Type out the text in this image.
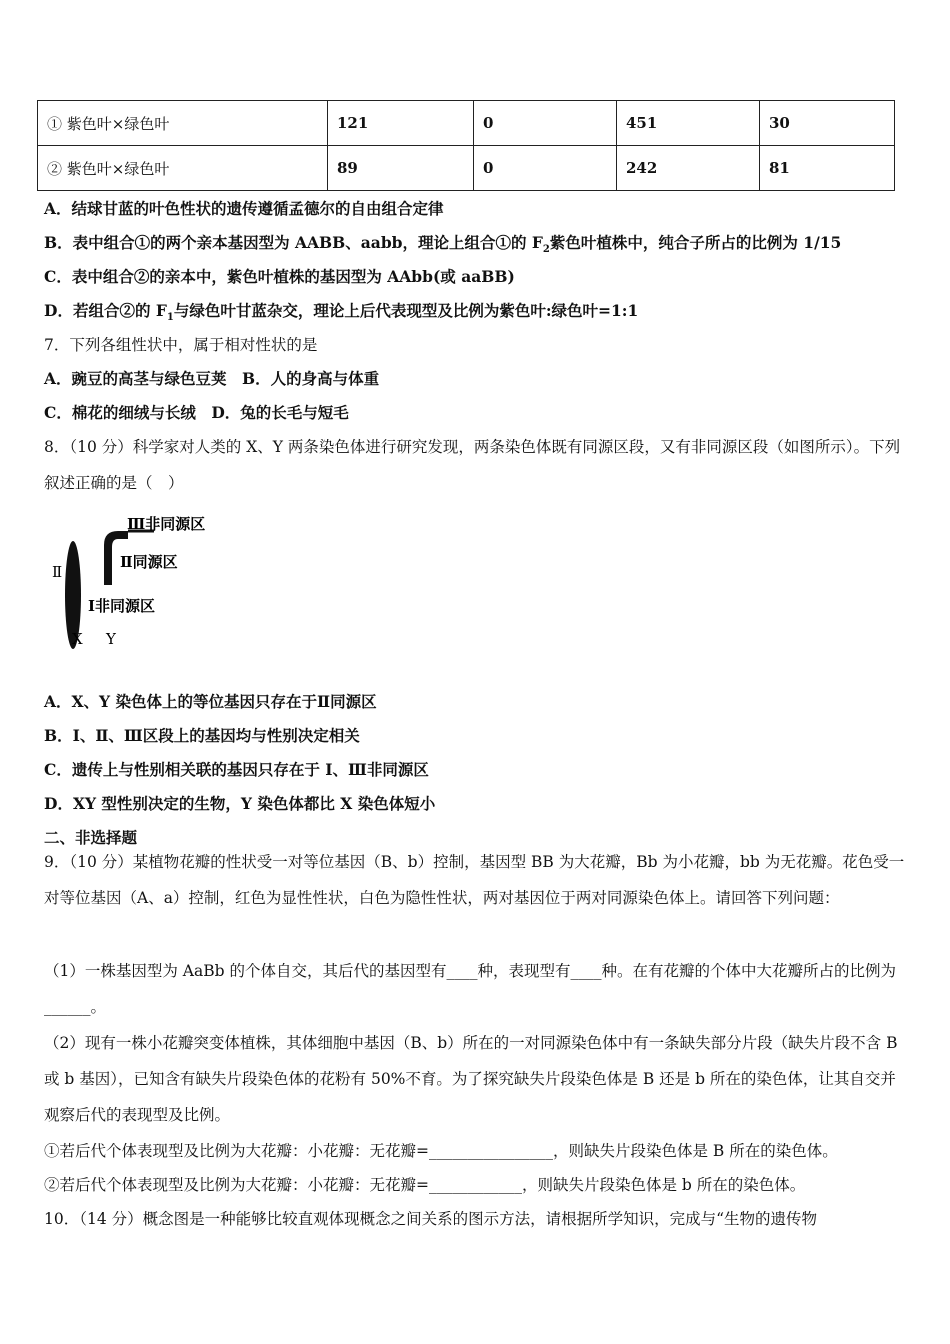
① 紫色叶×绿色叶	121	0	451	30
② 紫色叶×绿色叶	89	0	242	81
A．结球甘蓝的叶色性状的遗传遵循孟德尔的自由组合定律
B．表中组合①的两个亲本基因型为 AABB、aabb，理论上组合①的 $F_2$紫色叶植株中，纯合子所占的比例为 1/15
C．表中组合②的亲本中，紫色叶植株的基因型为 AAbb(或 aaBB)
D．若组合②的 $F_1$与绿色叶甘蓝杂交，理论上后代表现型及比例为紫色叶:绿色叶=1:1
7．下列各组性状中，属于相对性状的是
A．豌豆的高茎与绿色豆荚　B．人的身高与体重
C．棉花的细绒与长绒　D．兔的长毛与短毛
8．（10 分）科学家对人类的 X、Y 两条染色体进行研究发现，两条染色体既有同源区段，又有非同源区段（如图所示）。下列叙述正确的是（　）
Ⅲ非同源区
Ⅱ同源区
Ⅰ非同源区
Ⅱ
X Y
A．X、Y 染色体上的等位基因只存在于Ⅱ同源区
B．I、Ⅱ、Ⅲ区段上的基因均与性别决定相关
C．遗传上与性别相关联的基因只存在于 I、Ⅲ非同源区
D．XY 型性别决定的生物，Y 染色体都比 X 染色体短小
二、非选择题
9．（10 分）某植物花瓣的性状受一对等位基因（B、b）控制，基因型 BB 为大花瓣，Bb 为小花瓣，bb 为无花瓣。花色受一对等位基因（A、a）控制，红色为显性性状，白色为隐性性状，两对基因位于两对同源染色体上。请回答下列问题：
（1）一株基因型为 AaBb 的个体自交，其后代的基因型有____种，表现型有____种。在有花瓣的个体中大花瓣所占的比例为______。
（2）现有一株小花瓣突变体植株，其体细胞中基因（B、b）所在的一对同源染色体中有一条缺失部分片段（缺失片段不含 B 或 b 基因），已知含有缺失片段染色体的花粉有 50%不育。为了探究缺失片段染色体是 B 还是 b 所在的染色体，让其自交并观察后代的表现型及比例。
①若后代个体表现型及比例为大花瓣：小花瓣：无花瓣=________________，则缺失片段染色体是 B 所在的染色体。
②若后代个体表现型及比例为大花瓣：小花瓣：无花瓣=____________，则缺失片段染色体是 b 所在的染色体。
10．（14 分）概念图是一种能够比较直观体现概念之间关系的图示方法，请根据所学知识，完成与“生物的遗传物
